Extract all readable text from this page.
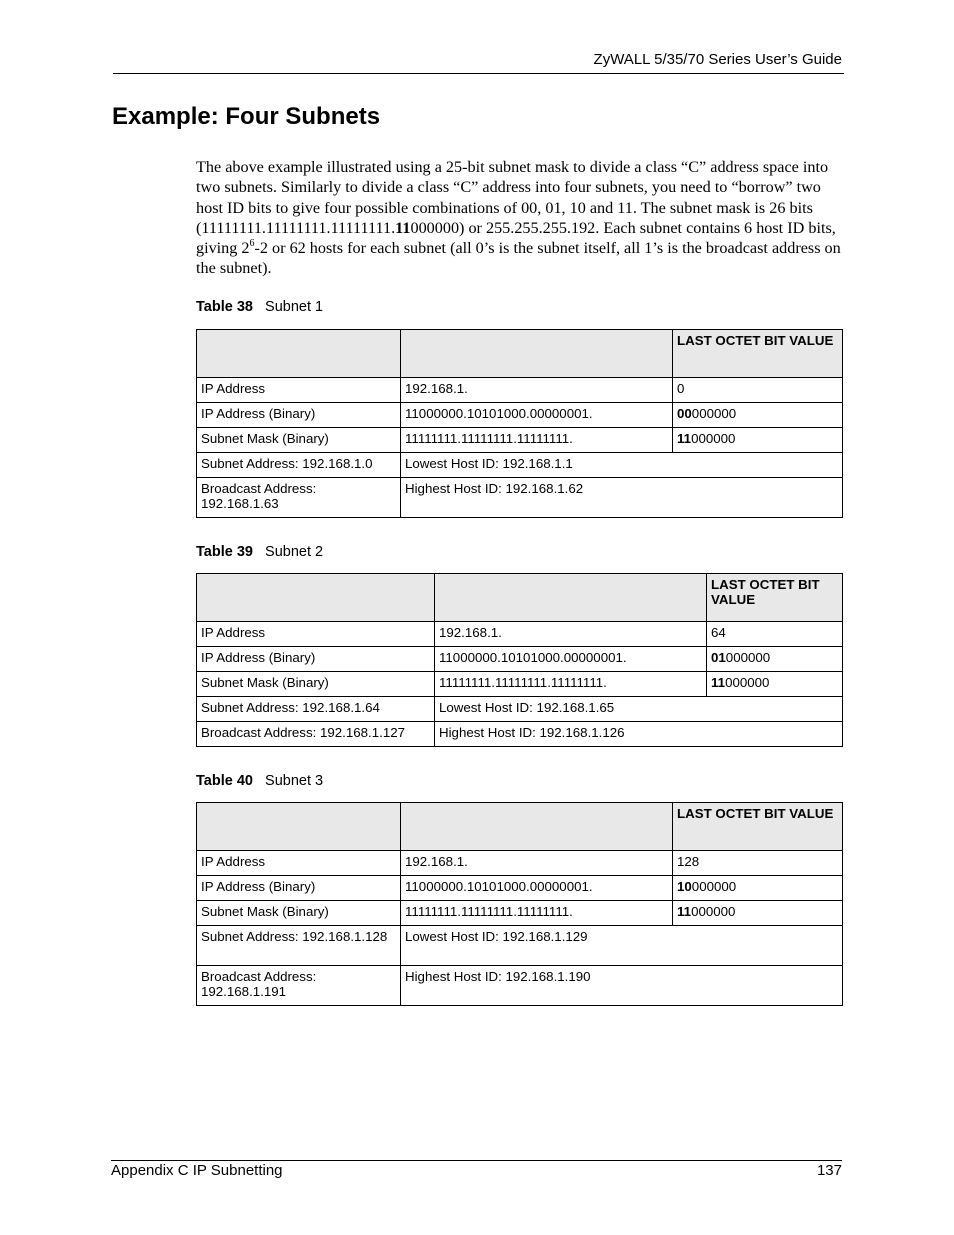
ZyWALL 5/35/70 Series User’s Guide
Example: Four Subnets
The above example illustrated using a 25-bit subnet mask to divide a class “C” address space into two subnets. Similarly to divide a class “C” address into four subnets, you need to “borrow” two host ID bits to give four possible combinations of 00, 01, 10 and 11. The subnet mask is 26 bits (11111111.11111111.11111111.11000000) or 255.255.255.192. Each subnet contains 6 host ID bits, giving $2^6-2$ or 62 hosts for each subnet (all 0’s is the subnet itself, all 1’s is the broadcast address on the subnet).
Table 38 Subnet 1
		LAST OCTET BIT VALUE
IP Address	192.168.1.	0
IP Address (Binary)	11000000.10101000.00000001.	00000000
Subnet Mask (Binary)	11111111.11111111.11111111.	11000000
Subnet Address: 192.168.1.0	Lowest Host ID: 192.168.1.1	
Broadcast Address: 192.168.1.63	Highest Host ID: 192.168.1.62	
Table 39 Subnet 2
		LAST OCTET BIT VALUE
IP Address	192.168.1.	64
IP Address (Binary)	11000000.10101000.00000001.	01000000
Subnet Mask (Binary)	11111111.11111111.11111111.	11000000
Subnet Address: 192.168.1.64	Lowest Host ID: 192.168.1.65	
Broadcast Address: 192.168.1.127	Highest Host ID: 192.168.1.126	
Table 40 Subnet 3
		LAST OCTET BIT VALUE
IP Address	192.168.1.	128
IP Address (Binary)	11000000.10101000.00000001.	10000000
Subnet Mask (Binary)	11111111.11111111.11111111.	11000000
Subnet Address: 192.168.1.128	Lowest Host ID: 192.168.1.129	
Broadcast Address: 192.168.1.191	Highest Host ID: 192.168.1.190	
Appendix C IP Subnetting	137
